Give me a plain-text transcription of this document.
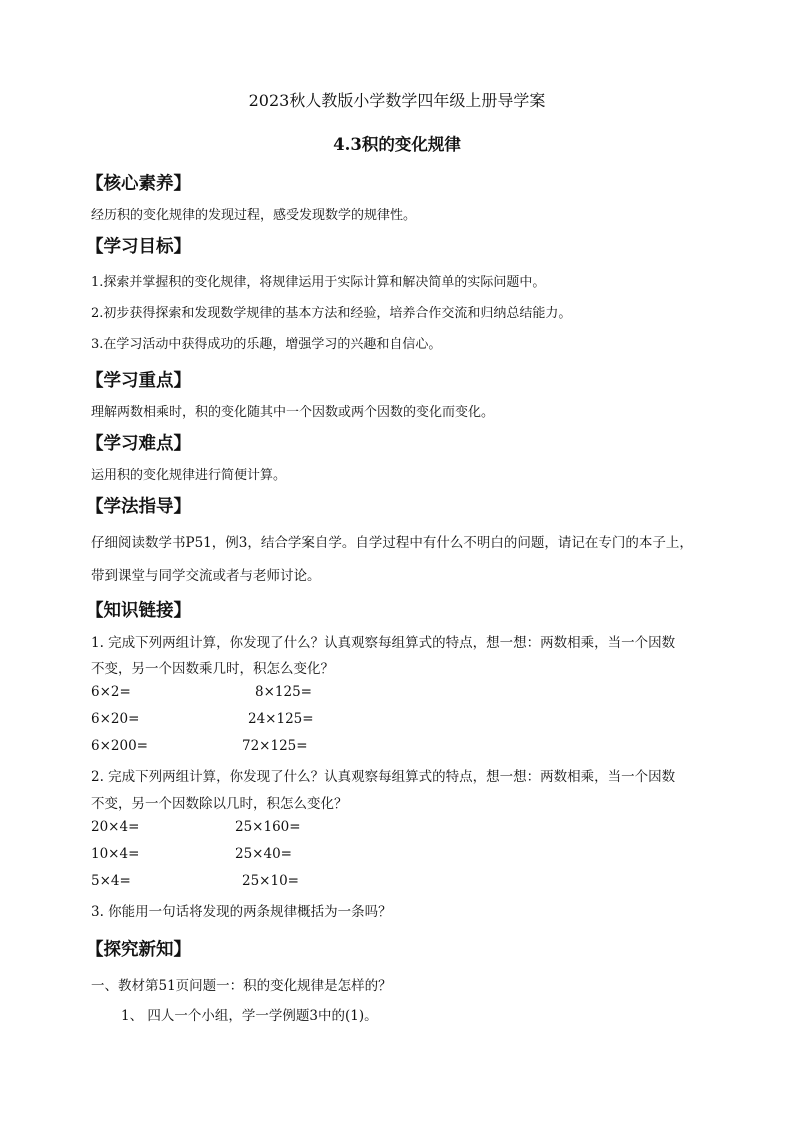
2023秋人教版小学数学四年级上册导学案
4.3积的变化规律
【核心素养】
经历积的变化规律的发现过程，感受发现数学的规律性。
【学习目标】
1.探索并掌握积的变化规律，将规律运用于实际计算和解决简单的实际问题中。
2.初步获得探索和发现数学规律的基本方法和经验，培养合作交流和归纳总结能力。
3.在学习活动中获得成功的乐趣，增强学习的兴趣和自信心。
【学习重点】
理解两数相乘时，积的变化随其中一个因数或两个因数的变化而变化。
【学习难点】
运用积的变化规律进行简便计算。
【学法指导】
仔细阅读数学书P51，例3，结合学案自学。自学过程中有什么不明白的问题，请记在专门的本子上，
带到课堂与同学交流或者与老师讨论。
【知识链接】
1. 完成下列两组计算，你发现了什么？认真观察每组算式的特点，想一想：两数相乘，当一个因数
不变，另一个因数乘几时，积怎么变化？
6×2=	8×125=
6×20=	24×125=
6×200=	72×125=
2. 完成下列两组计算，你发现了什么？认真观察每组算式的特点，想一想：两数相乘，当一个因数
不变，另一个因数除以几时，积怎么变化？
20×4=	25×160=
10×4=	25×40=
5×4=	25×10=
3. 你能用一句话将发现的两条规律概括为一条吗？
【探究新知】
一、教材第51页问题一：积的变化规律是怎样的？
1、 四人一个小组，学一学例题3中的(1)。
